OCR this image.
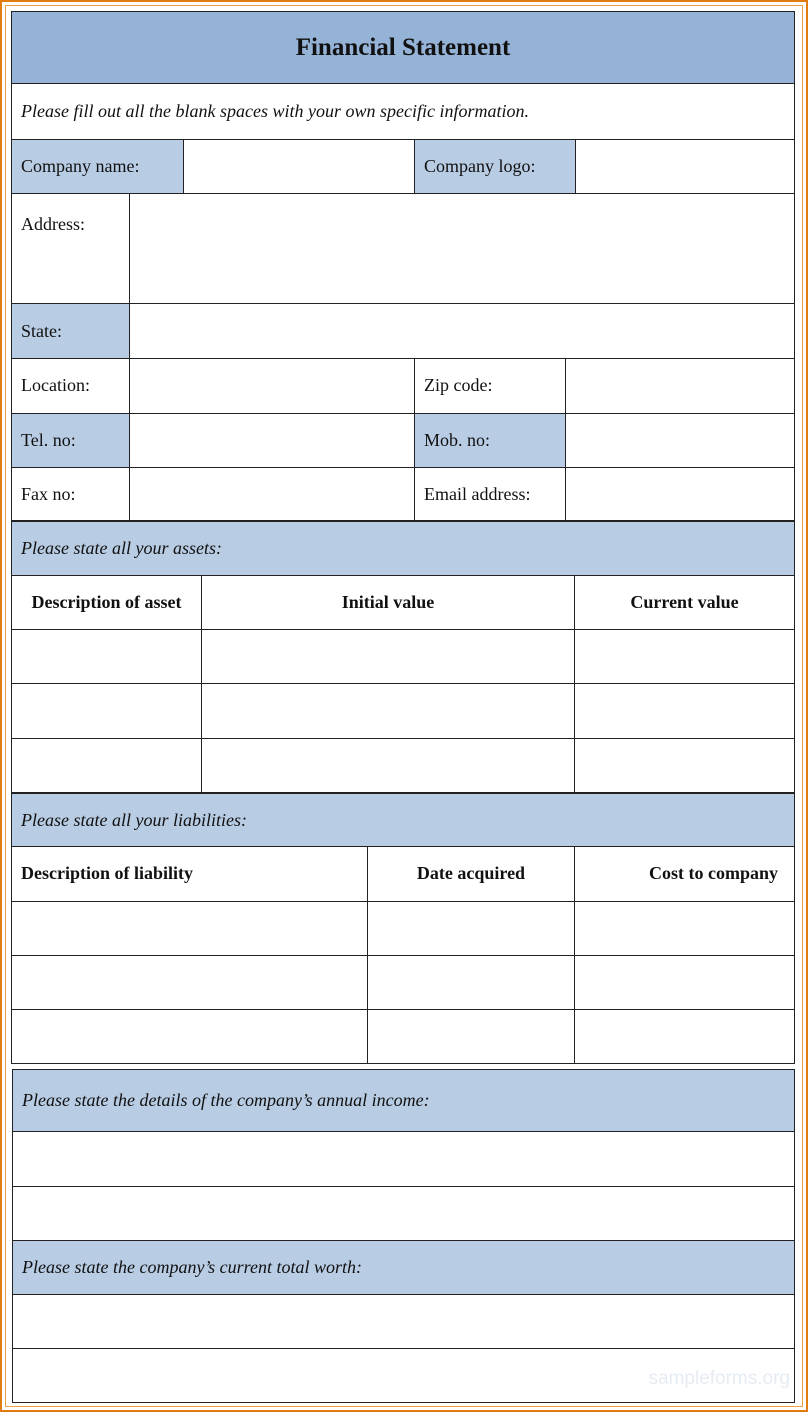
Financial Statement
Please fill out all the blank spaces with your own specific information.
Company name:	Company logo:
Address:
State:
Location:	Zip code:
Tel. no:	Mob. no:
Fax no:	Email address:
Please state all your assets:
Description of asset	Initial value	Current value
Please state all your liabilities:
Description of liability	Date acquired	Cost to company
Please state the details of the company’s annual income:
Please state the company’s current total worth:
sampleforms.org
